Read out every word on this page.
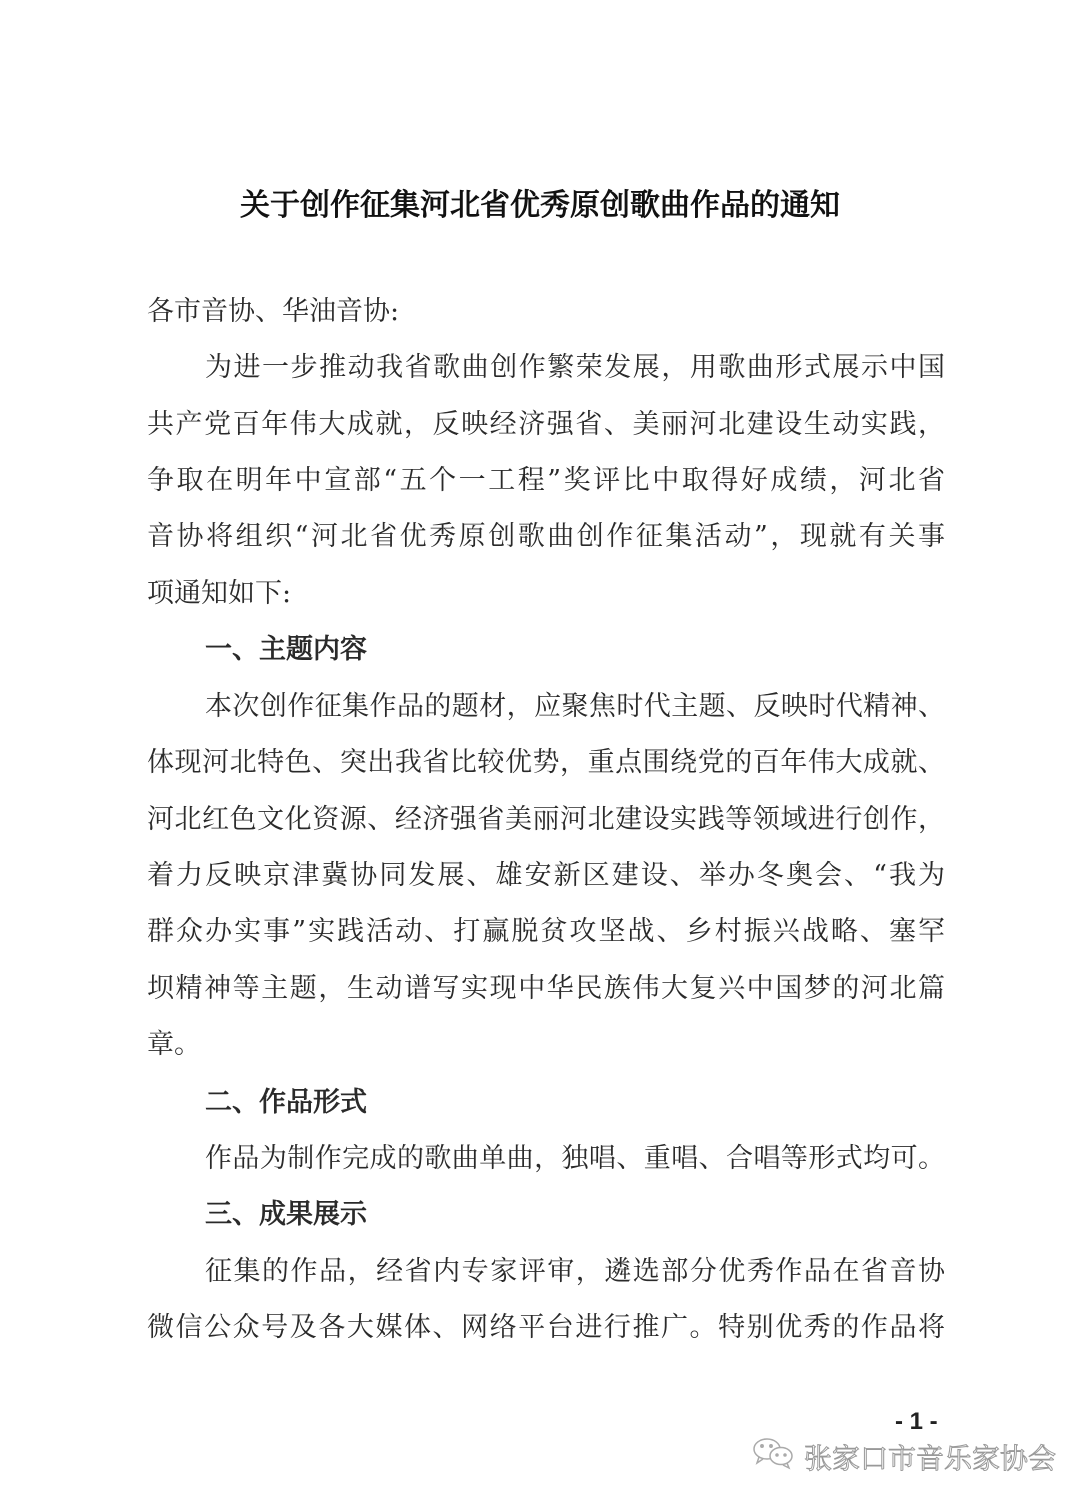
关于创作征集河北省优秀原创歌曲作品的通知
各市音协、华油音协:
为进一步推动我省歌曲创作繁荣发展，用歌曲形式展示中国
共产党百年伟大成就，反映经济强省、美丽河北建设生动实践，
争取在明年中宣部“五个一工程”奖评比中取得好成绩，河北省
音协将组织“河北省优秀原创歌曲创作征集活动”，现就有关事
项通知如下:
一、主题内容
本次创作征集作品的题材，应聚焦时代主题、反映时代精神、
体现河北特色、突出我省比较优势，重点围绕党的百年伟大成就、
河北红色文化资源、经济强省美丽河北建设实践等领域进行创作，
着力反映京津冀协同发展、雄安新区建设、举办冬奥会、“我为
群众办实事”实践活动、打赢脱贫攻坚战、乡村振兴战略、塞罕
坝精神等主题，生动谱写实现中华民族伟大复兴中国梦的河北篇
章。
二、作品形式
作品为制作完成的歌曲单曲，独唱、重唱、合唱等形式均可。
三、成果展示
征集的作品，经省内专家评审，遴选部分优秀作品在省音协
微信公众号及各大媒体、网络平台进行推广。特别优秀的作品将
- 1 -
张家口市音乐家协会
